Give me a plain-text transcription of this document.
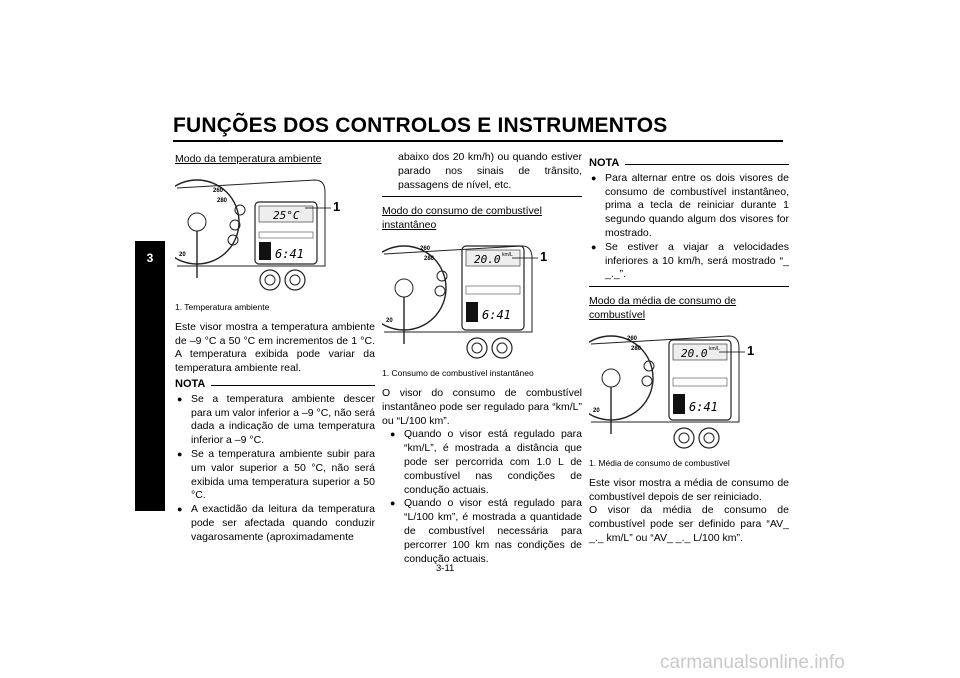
FUNÇÕES DOS CONTROLOS E INSTRUMENTOS
3

Modo da temperatura ambiente

260
280
20
25°C
6:41
1

1. Temperatura ambiente

Este visor mostra a temperatura ambiente de –9 °C a 50 °C em incrementos de 1 °C. A temperatura exibida pode variar da temperatura ambiente real.

NOTA
● Se a temperatura ambiente descer para um valor inferior a –9 °C, não será dada a indicação de uma temperatura inferior a –9 °C.
● Se a temperatura ambiente subir para um valor superior a 50 °C, não será exibida uma temperatura superior a 50 °C.
● A exactidão da leitura da temperatura pode ser afectada quando conduzir vagarosamente (aproximadamente

abaixo dos 20 km/h) ou quando estiver parado nos sinais de trânsito, passagens de nível, etc.

Modo do consumo de combustível instantâneo

260
280
20
20.0 km/L
6:41
1

1. Consumo de combustível instantâneo

O visor do consumo de combustível instantâneo pode ser regulado para “km/L” ou “L/100 km”.

● Quando o visor está regulado para “km/L”, é mostrada a distância que pode ser percorrida com 1.0 L de combustível nas condições de condução actuais.
● Quando o visor está regulado para “L/100 km”, é mostrada a quantidade de combustível necessária para percorrer 100 km nas condições de condução actuais.
NOTA
● Para alternar entre os dois visores de consumo de combustível instantâneo, prima a tecla de reiniciar durante 1 segundo quando algum dos visores for mostrado.
● Se estiver a viajar a velocidades inferiores a 10 km/h, será mostrado “_ _._”.

Modo da média de consumo de combustível

260
280
20
20.0 km/L
6:41
1

1. Média de consumo de combustível

Este visor mostra a média de consumo de combustível depois de ser reiniciado.

O visor da média de consumo de combustível pode ser definido para “AV_ _._ km/L” ou “AV_ _._ L/100 km”.

3-11
carmanualsonline.info
